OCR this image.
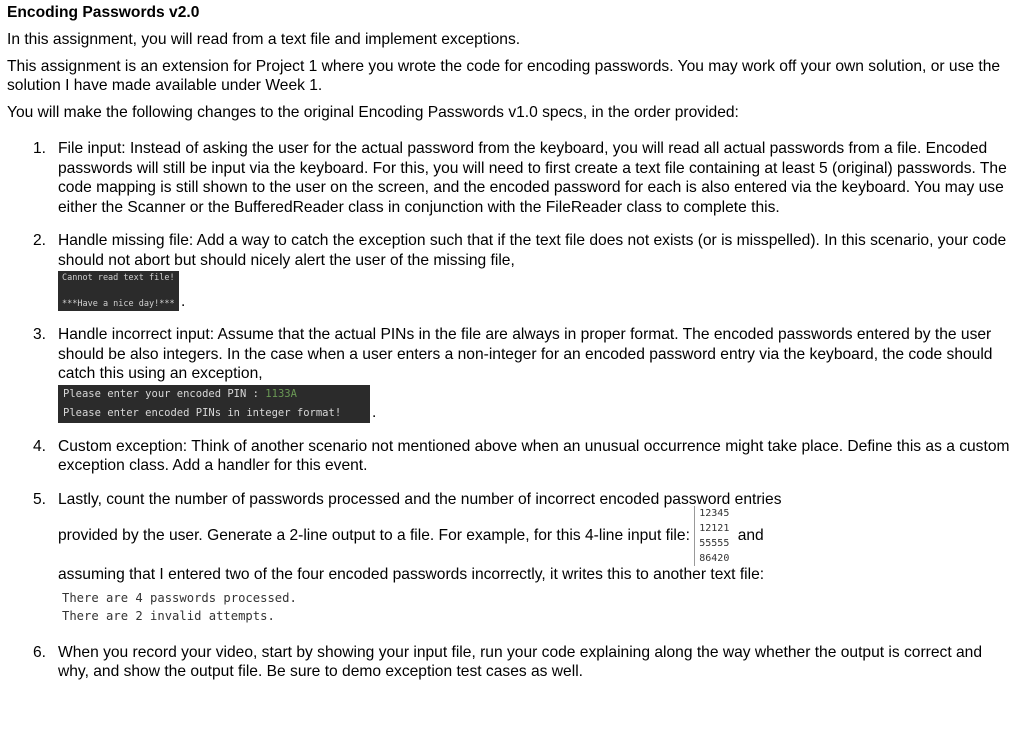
Encoding Passwords v2.0
In this assignment, you will read from a text file and implement exceptions.
This assignment is an extension for Project 1 where you wrote the code for encoding passwords. You may work off your own solution, or use the solution I have made available under Week 1.
You will make the following changes to the original Encoding Passwords v1.0 specs, in the order provided:
1. File input: Instead of asking the user for the actual password from the keyboard, you will read all actual passwords from a file. Encoded passwords will still be input via the keyboard. For this, you will need to first create a text file containing at least 5 (original) passwords. The code mapping is still shown to the user on the screen, and the encoded password for each is also entered via the keyboard. You may use either the Scanner or the BufferedReader class in conjunction with the FileReader class to complete this.
2. Handle missing file: Add a way to catch the exception such that if the text file does not exists (or is misspelled). In this scenario, your code should not abort but should nicely alert the user of the missing file,
Cannot read text file!
***Have a nice day!*** .
3. Handle incorrect input: Assume that the actual PINs in the file are always in proper format. The encoded passwords entered by the user should be also integers. In the case when a user enters a non-integer for an encoded password entry via the keyboard, the code should catch this using an exception,
Please enter your encoded PIN : 1133A
Please enter encoded PINs in integer format!	.
4. Custom exception: Think of another scenario not mentioned above when an unusual occurrence might take place. Define this as a custom exception class. Add a handler for this event.
5. Lastly, count the number of passwords processed and the number of incorrect encoded password entries
provided by the user. Generate a 2-line output to a file. For example, for this 4-line input file:
12345
12121
55555
86420
and
assuming that I entered two of the four encoded passwords incorrectly, it writes this to another text file:
There are 4 passwords processed.
There are 2 invalid attempts.
6. When you record your video, start by showing your input file, run your code explaining along the way whether the output is correct and why, and show the output file. Be sure to demo exception test cases as well.
